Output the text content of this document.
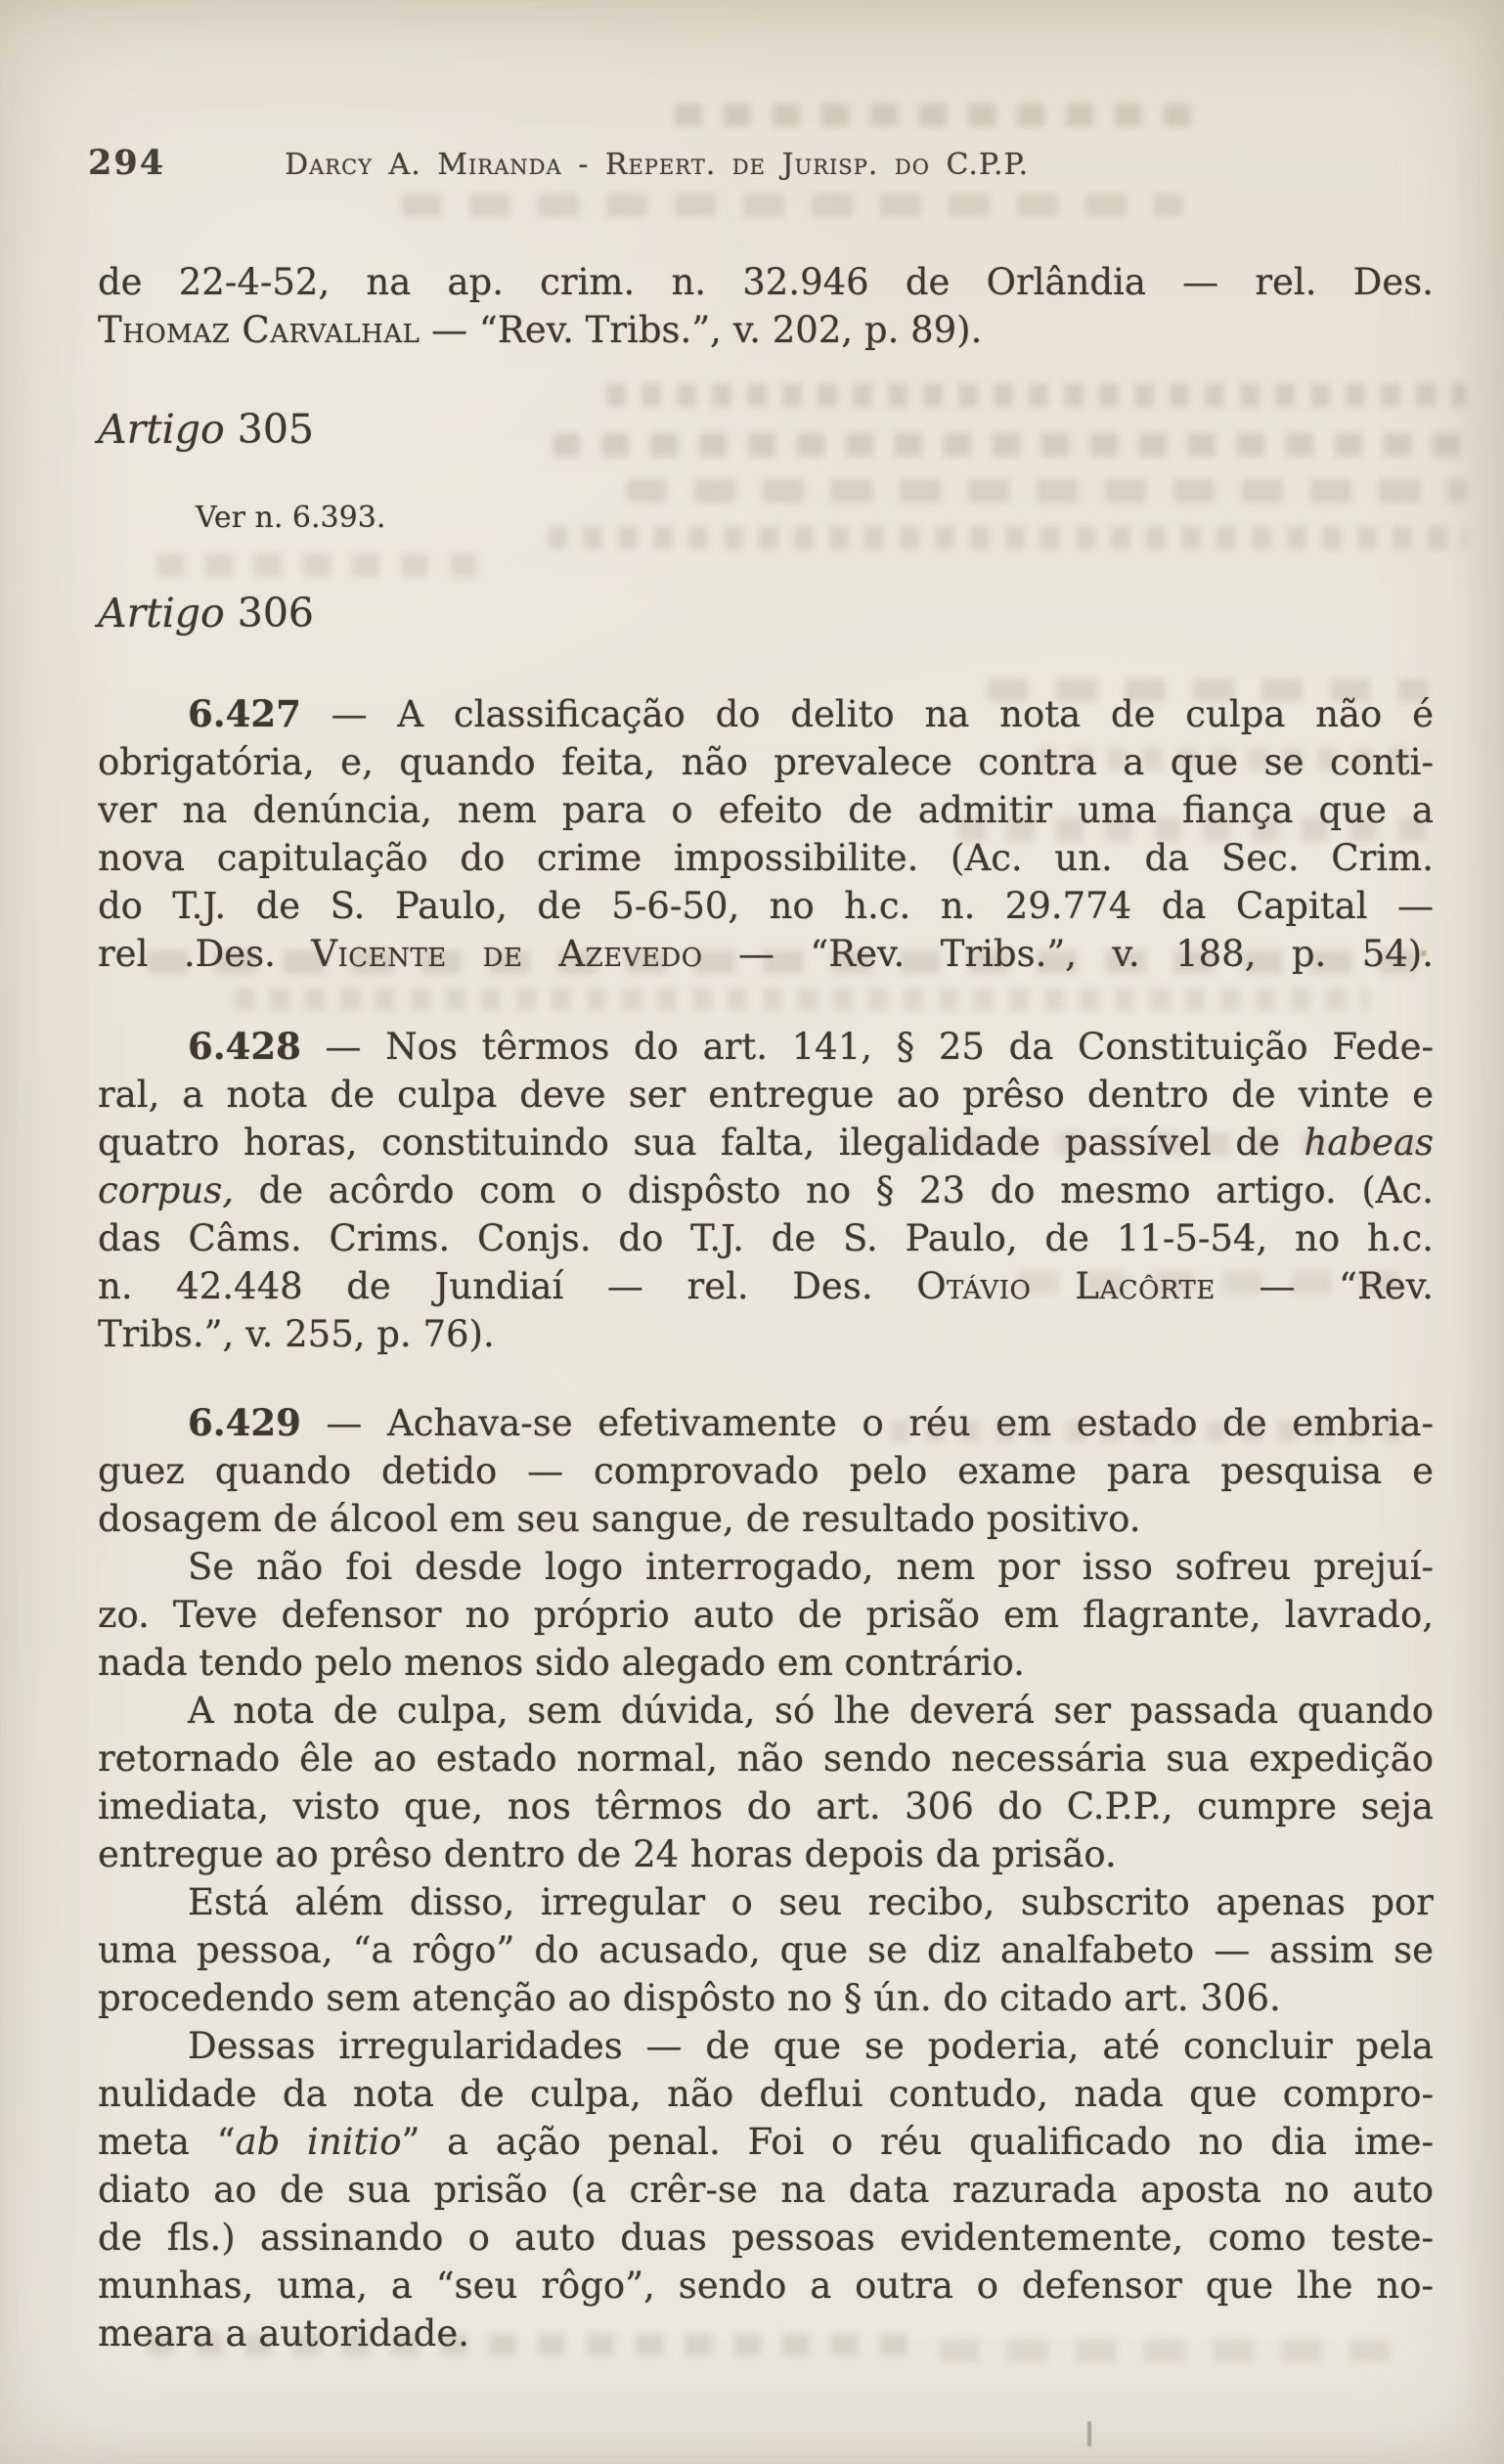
294	Darcy A. Miranda - Repert. de Jurisp. do C.P.P.
de 22-4-52, na ap. crim. n. 32.946 de Orlândia — rel. Des.
Thomaz Carvalhal — “Rev. Tribs.”, v. 202, p. 89).
Artigo 305
Ver n. 6.393.
Artigo 306
6.427 — A classificação do delito na nota de culpa não é
obrigatória, e, quando feita, não prevalece contra a que se conti-
ver na denúncia, nem para o efeito de admitir uma fiança que a
nova capitulação do crime impossibilite. (Ac. un. da Sec. Crim.
do T.J. de S. Paulo, de 5-6-50, no h.c. n. 29.774 da Capital —
rel .Des. Vicente de Azevedo — “Rev. Tribs.”, v. 188, p. 54).
6.428 — Nos têrmos do art. 141, § 25 da Constituição Fede-
ral, a nota de culpa deve ser entregue ao prêso dentro de vinte e
quatro horas, constituindo sua falta, ilegalidade passível de habeas
corpus, de acôrdo com o dispôsto no § 23 do mesmo artigo. (Ac.
das Câms. Crims. Conjs. do T.J. de S. Paulo, de 11-5-54, no h.c.
n. 42.448 de Jundiaí — rel. Des. Otávio Lacôrte — “Rev.
Tribs.”, v. 255, p. 76).
6.429 — Achava-se efetivamente o réu em estado de embria-
guez quando detido — comprovado pelo exame para pesquisa e
dosagem de álcool em seu sangue, de resultado positivo.
Se não foi desde logo interrogado, nem por isso sofreu prejuí-
zo. Teve defensor no próprio auto de prisão em flagrante, lavrado,
nada tendo pelo menos sido alegado em contrário.
A nota de culpa, sem dúvida, só lhe deverá ser passada quando
retornado êle ao estado normal, não sendo necessária sua expedição
imediata, visto que, nos têrmos do art. 306 do C.P.P., cumpre seja
entregue ao prêso dentro de 24 horas depois da prisão.
Está além disso, irregular o seu recibo, subscrito apenas por
uma pessoa, “a rôgo” do acusado, que se diz analfabeto — assim se
procedendo sem atenção ao dispôsto no § ún. do citado art. 306.
Dessas irregularidades — de que se poderia, até concluir pela
nulidade da nota de culpa, não deflui contudo, nada que compro-
meta “ab initio” a ação penal. Foi o réu qualificado no dia ime-
diato ao de sua prisão (a crêr-se na data razurada aposta no auto
de fls.) assinando o auto duas pessoas evidentemente, como teste-
munhas, uma, a “seu rôgo”, sendo a outra o defensor que lhe no-
meara a autoridade.
